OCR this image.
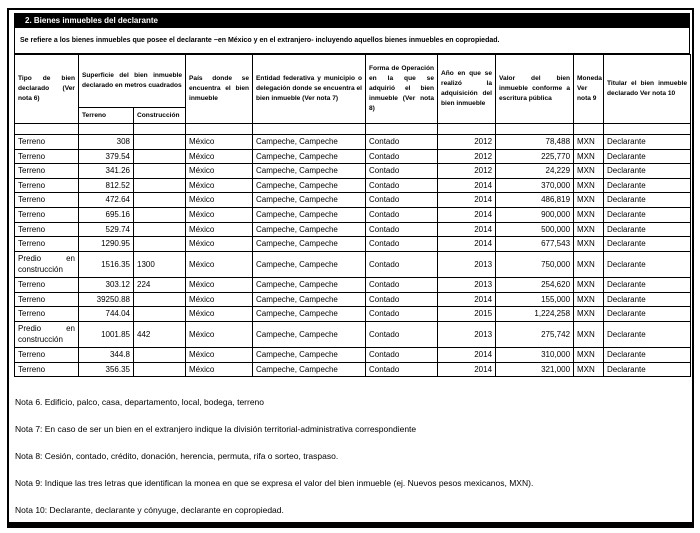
2. Bienes inmuebles del declarante
Se refiere a los bienes inmuebles que posee el declarante −en México y en el extranjero- incluyendo aquellos bienes inmuebles en copropiedad.
Tipo de bien declarado (Ver nota 6)	Superficie del bien inmueble declarado en metros cuadrados		País donde se encuentra el bien inmueble	Entidad federativa y municipio o delegación donde se encuentra el bien inmueble (Ver nota 7)	Forma de Operación en la que se adquirió el bien inmueble (Ver nota 8)	Año en que se realizó la adquisición del bien inmueble	Valor del bien inmueble conforme a escritura pública	Moneda Ver nota 9	Titular el bien inmueble declarado Ver nota 10
	Terreno	Construcción							

Terreno	308		México	Campeche, Campeche	Contado	2012	78,488	MXN	Declarante
Terreno	379.54		México	Campeche, Campeche	Contado	2012	225,770	MXN	Declarante
Terreno	341.26		México	Campeche, Campeche	Contado	2012	24,229	MXN	Declarante
Terreno	812.52		México	Campeche, Campeche	Contado	2014	370,000	MXN	Declarante
Terreno	472.64		México	Campeche, Campeche	Contado	2014	486,819	MXN	Declarante
Terreno	695.16		México	Campeche, Campeche	Contado	2014	900,000	MXN	Declarante
Terreno	529.74		México	Campeche, Campeche	Contado	2014	500,000	MXN	Declarante
Terreno	1290.95		México	Campeche, Campeche	Contado	2014	677,543	MXN	Declarante
Predio en construcción	1516.35	1300	México	Campeche, Campeche	Contado	2013	750,000	MXN	Declarante
Terreno	303.12	224	México	Campeche, Campeche	Contado	2013	254,620	MXN	Declarante
Terreno	39250.88		México	Campeche, Campeche	Contado	2014	155,000	MXN	Declarante
Terreno	744.04		México	Campeche, Campeche	Contado	2015	1,224,258	MXN	Declarante
Predio en construcción	1001.85	442	México	Campeche, Campeche	Contado	2013	275,742	MXN	Declarante
Terreno	344.8		México	Campeche, Campeche	Contado	2014	310,000	MXN	Declarante
Terreno	356.35		México	Campeche, Campeche	Contado	2014	321,000	MXN	Declarante
Nota 6. Edificio, palco, casa, departamento, local, bodega, terreno
Nota 7: En caso de ser un bien en el extranjero indique la división territorial-administrativa correspondiente
Nota 8: Cesión, contado, crédito, donación, herencia, permuta, rifa o sorteo, traspaso.
Nota 9: Indique las tres letras que identifican la monea en que se expresa el valor del bien inmueble (ej. Nuevos pesos mexicanos, MXN).
Nota 10: Declarante, declarante y cónyuge, declarante en copropiedad.
